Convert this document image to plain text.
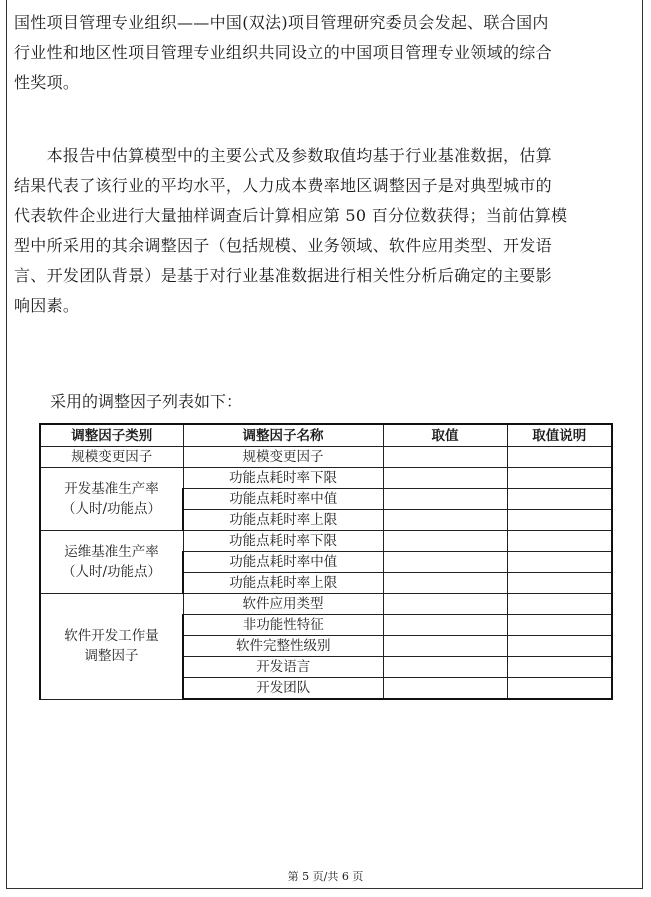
国性项目管理专业组织——中国(双法)项目管理研究委员会发起、联合国内
行业性和地区性项目管理专业组织共同设立的中国项目管理专业领域的综合
性奖项。
　　本报告中估算模型中的主要公式及参数取值均基于行业基准数据，估算
结果代表了该行业的平均水平，人力成本费率地区调整因子是对典型城市的
代表软件企业进行大量抽样调查后计算相应第 50 百分位数获得；当前估算模
型中所采用的其余调整因子（包括规模、业务领域、软件应用类型、开发语
言、开发团队背景）是基于对行业基准数据进行相关性分析后确定的主要影
响因素。

采用的调整因子列表如下：

调整因子类别	调整因子名称	取值	取值说明
规模变更因子	规模变更因子		

开发基准生产率
（人时/功能点）	功能点耗时率下限		
	功能点耗时率中值		
	功能点耗时率上限		

运维基准生产率
（人时/功能点）	功能点耗时率下限		
	功能点耗时率中值		
	功能点耗时率上限		

软件开发工作量
调整因子	软件应用类型		
	非功能性特征		
	软件完整性级别		
	开发语言		
	开发团队		
第 5 页/共 6 页
